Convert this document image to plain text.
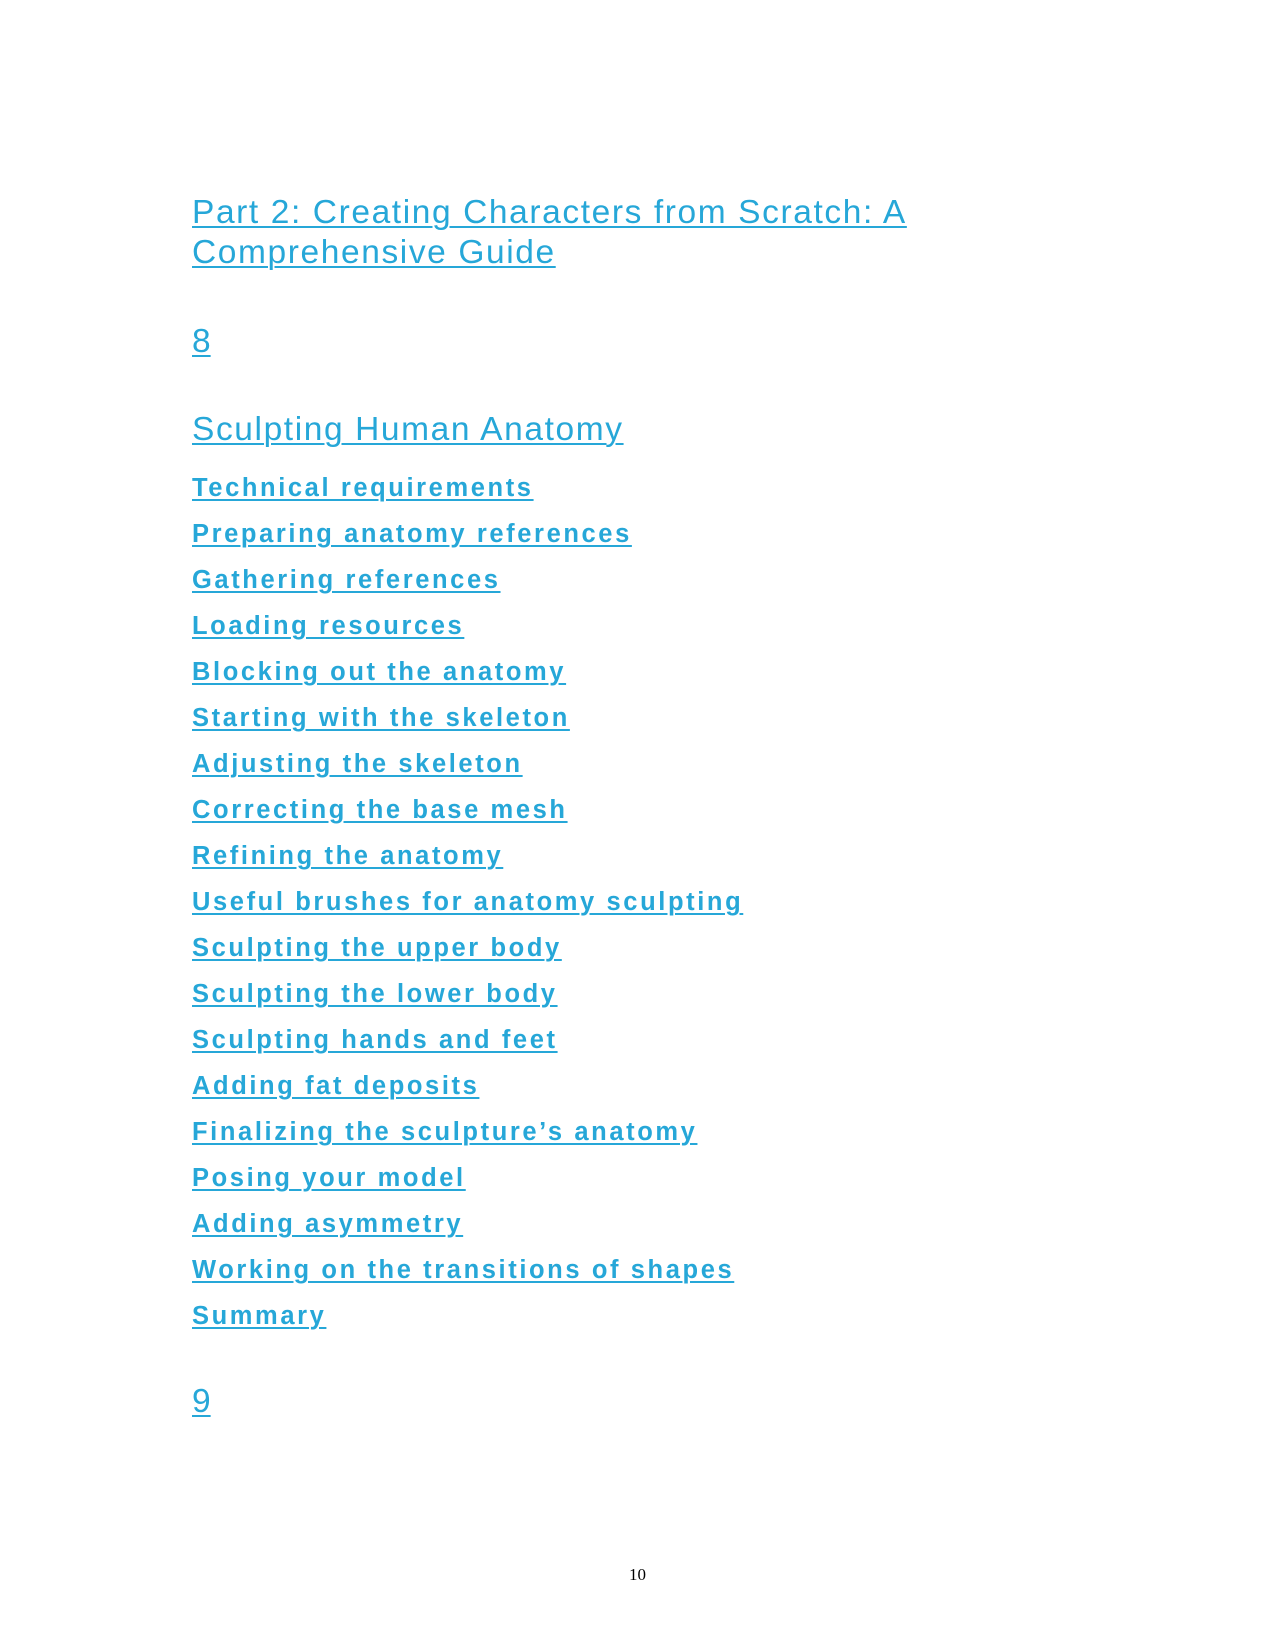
Part 2: Creating Characters from Scratch: A Comprehensive Guide
8
Sculpting Human Anatomy
Technical requirements
Preparing anatomy references
Gathering references
Loading resources
Blocking out the anatomy
Starting with the skeleton
Adjusting the skeleton
Correcting the base mesh
Refining the anatomy
Useful brushes for anatomy sculpting
Sculpting the upper body
Sculpting the lower body
Sculpting hands and feet
Adding fat deposits
Finalizing the sculpture’s anatomy
Posing your model
Adding asymmetry
Working on the transitions of shapes
Summary
9
10
